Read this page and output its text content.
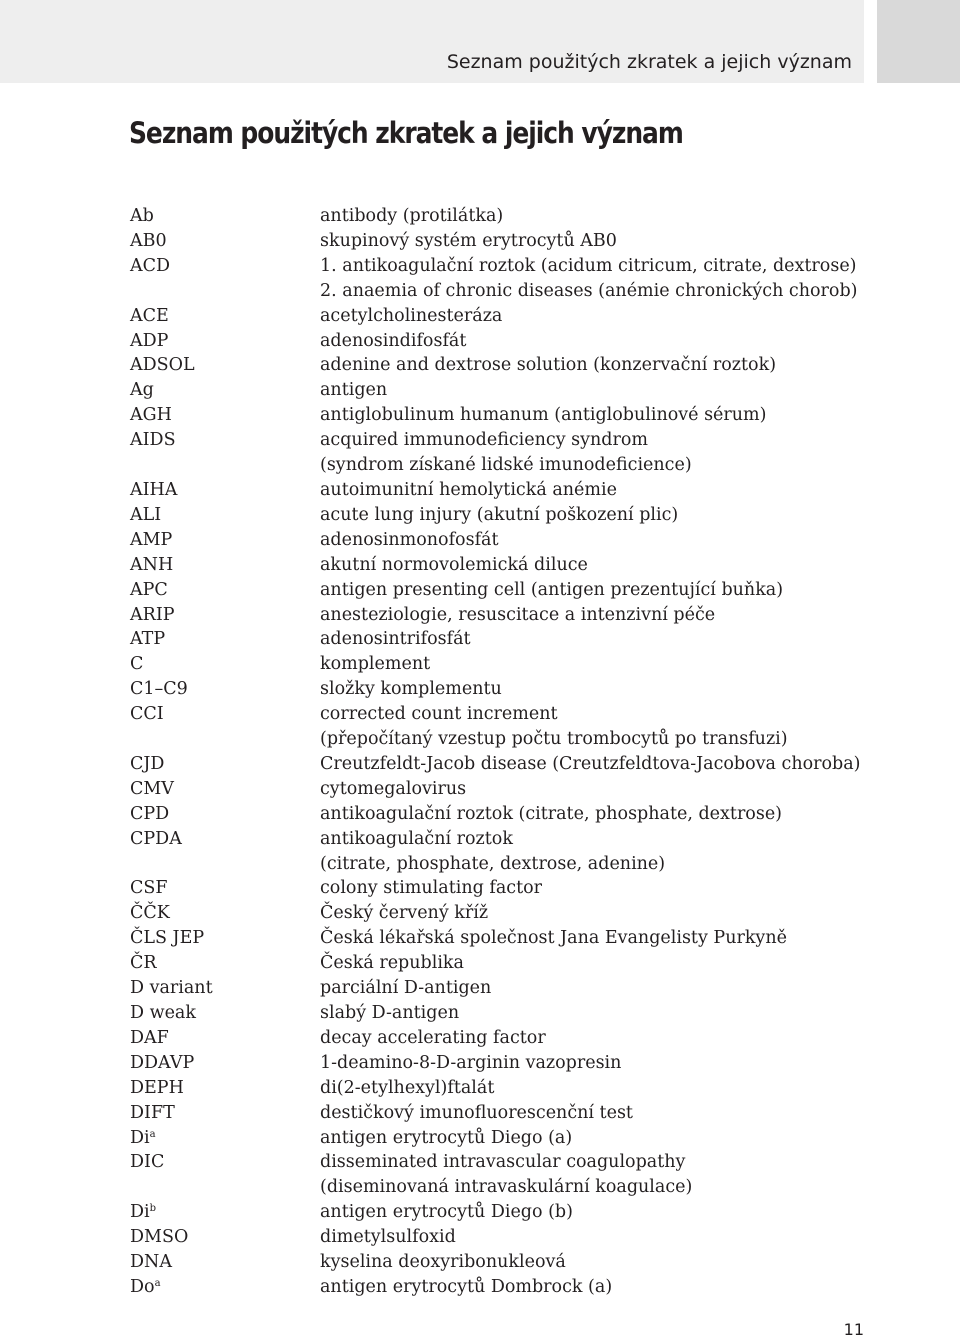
Seznam použitých zkratek a jejich význam
Seznam použitých zkratek a jejich význam
Ab	antibody (protilátka)
AB0	skupinový systém erytrocytů AB0
ACD	1. antikoagulační roztok (acidum citricum, citrate, dextrose)
2. anaemia of chronic diseases (anémie chronických chorob)
ACE	acetylcholinesteráza
ADP	adenosindifosfát
ADSOL	adenine and dextrose solution (konzervační roztok)
Ag	antigen
AGH	antiglobulinum humanum (antiglobulinové sérum)
AIDS	acquired immunodeficiency syndrom
(syndrom získané lidské imunodeficience)
AIHA	autoimunitní hemolytická anémie
ALI	acute lung injury (akutní poškození plic)
AMP	adenosinmonofosfát
ANH	akutní normovolemická diluce
APC	antigen presenting cell (antigen prezentující buňka)
ARIP	anesteziologie, resuscitace a intenzivní péče
ATP	adenosintrifosfát
C	komplement
C1–C9	složky komplementu
CCI	corrected count increment
(přepočítaný vzestup počtu trombocytů po transfuzi)
CJD	Creutzfeldt-Jacob disease (Creutzfeldtova-Jacobova choroba)
CMV	cytomegalovirus
CPD	antikoagulační roztok (citrate, phosphate, dextrose)
CPDA	antikoagulační roztok
(citrate, phosphate, dextrose, adenine)
CSF	colony stimulating factor
ČČK	Český červený kříž
ČLS JEP	Česká lékařská společnost Jana Evangelisty Purkyně
ČR	Česká republika
D variant	parciální D-antigen
D weak	slabý D-antigen
DAF	decay accelerating factor
DDAVP	1-deamino-8-D-arginin vazopresin
DEPH	di(2-etylhexyl)ftalát
DIFT	destičkový imunofluorescenční test
Di$^a$	antigen erytrocytů Diego (a)
DIC	disseminated intravascular coagulopathy
(diseminovaná intravaskulární koagulace)
Di$^b$	antigen erytrocytů Diego (b)
DMSO	dimetylsulfoxid
DNA	kyselina deoxyribonukleová
Do$^a$	antigen erytrocytů Dombrock (a)
11
